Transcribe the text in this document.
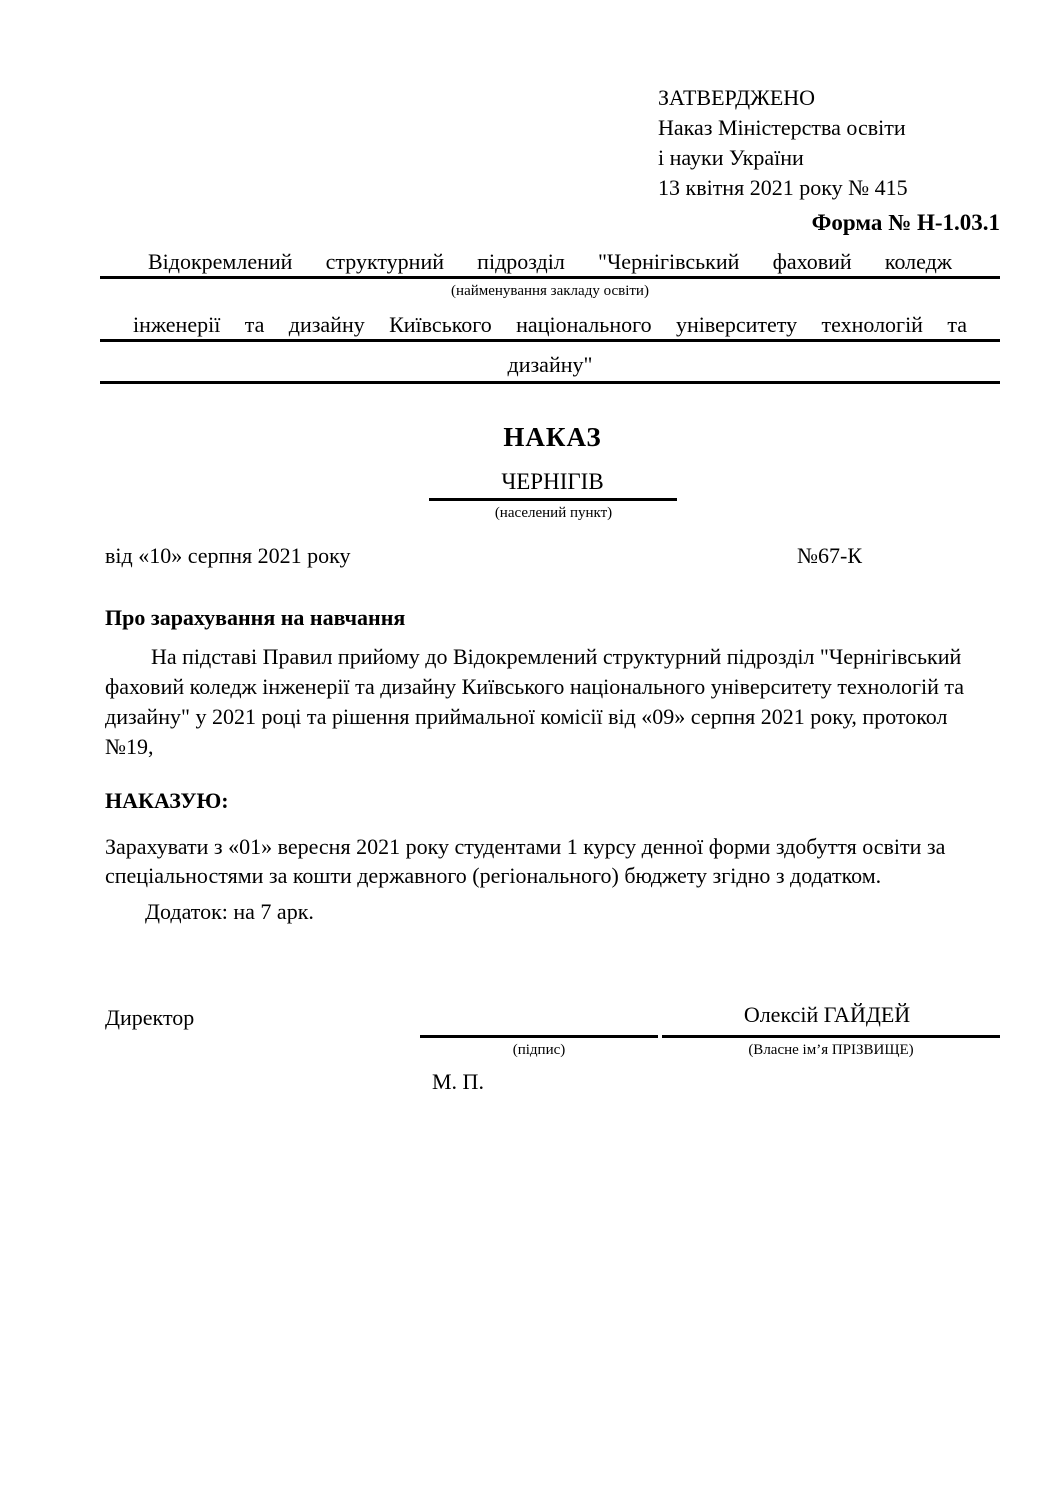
ЗАТВЕРДЖЕНО
Наказ Міністерства освіти
і науки України
13 квітня 2021 року № 415
Форма № Н-1.03.1
Відокремлений структурний підрозділ "Чернігівський фаховий коледж
(найменування закладу освіти)
інженерії та дизайну Київського національного університету технологій та
дизайну"
НАКАЗ
ЧЕРНІГІВ
(населений пункт)
від «10» серпня 2021 року	№67-К
Про зарахування на навчання
На підставі Правил прийому до Відокремлений структурний підрозділ "Чернігівський фаховий коледж інженерії та дизайну Київського національного університету технологій та дизайну" у 2021 році та рішення приймальної комісії від «09» серпня 2021 року, протокол №19,
НАКАЗУЮ:
Зарахувати з «01» вересня 2021 року студентами 1 курсу денної форми здобуття освіти за спеціальностями за кошти державного (регіонального) бюджету згідно з додатком.
Додаток: на 7 арк.
Директор	Олексій ГАЙДЕЙ
(підпис)	(Власне ім’я ПРІЗВИЩЕ)
М. П.
